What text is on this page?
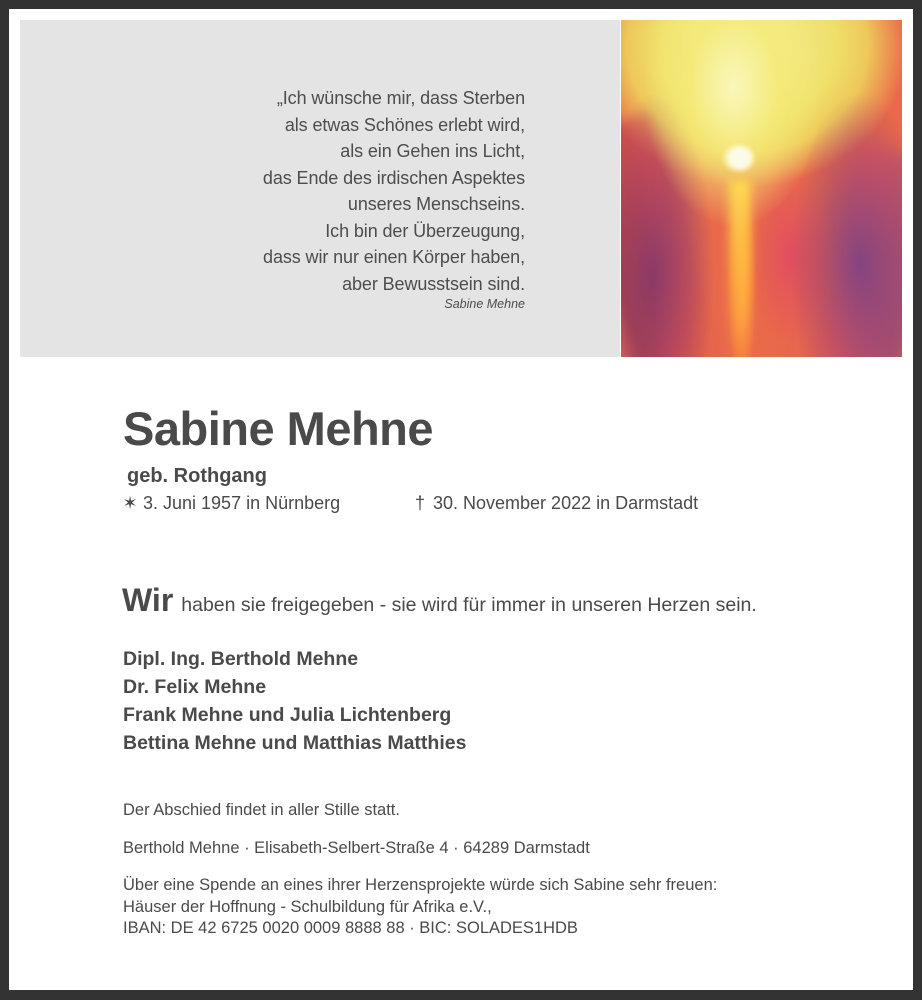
„Ich wünsche mir, dass Sterben
als etwas Schönes erlebt wird,
als ein Gehen ins Licht,
das Ende des irdischen Aspektes
unseres Menschseins.
Ich bin der Überzeugung,
dass wir nur einen Körper haben,
aber Bewusstsein sind.
Sabine Mehne
Sabine Mehne
geb. Rothgang
✶ 3. Juni 1957 in Nürnberg	† 30. November 2022 in Darmstadt
Wir haben sie freigegeben - sie wird für immer in unseren Herzen sein.
Dipl. Ing. Berthold Mehne
Dr. Felix Mehne
Frank Mehne und Julia Lichtenberg
Bettina Mehne und Matthias Matthies
Der Abschied findet in aller Stille statt.
Berthold Mehne · Elisabeth-Selbert-Straße 4 · 64289 Darmstadt
Über eine Spende an eines ihrer Herzensprojekte würde sich Sabine sehr freuen:
Häuser der Hoffnung - Schulbildung für Afrika e.V.,
IBAN: DE 42 6725 0020 0009 8888 88 · BIC: SOLADES1HDB
